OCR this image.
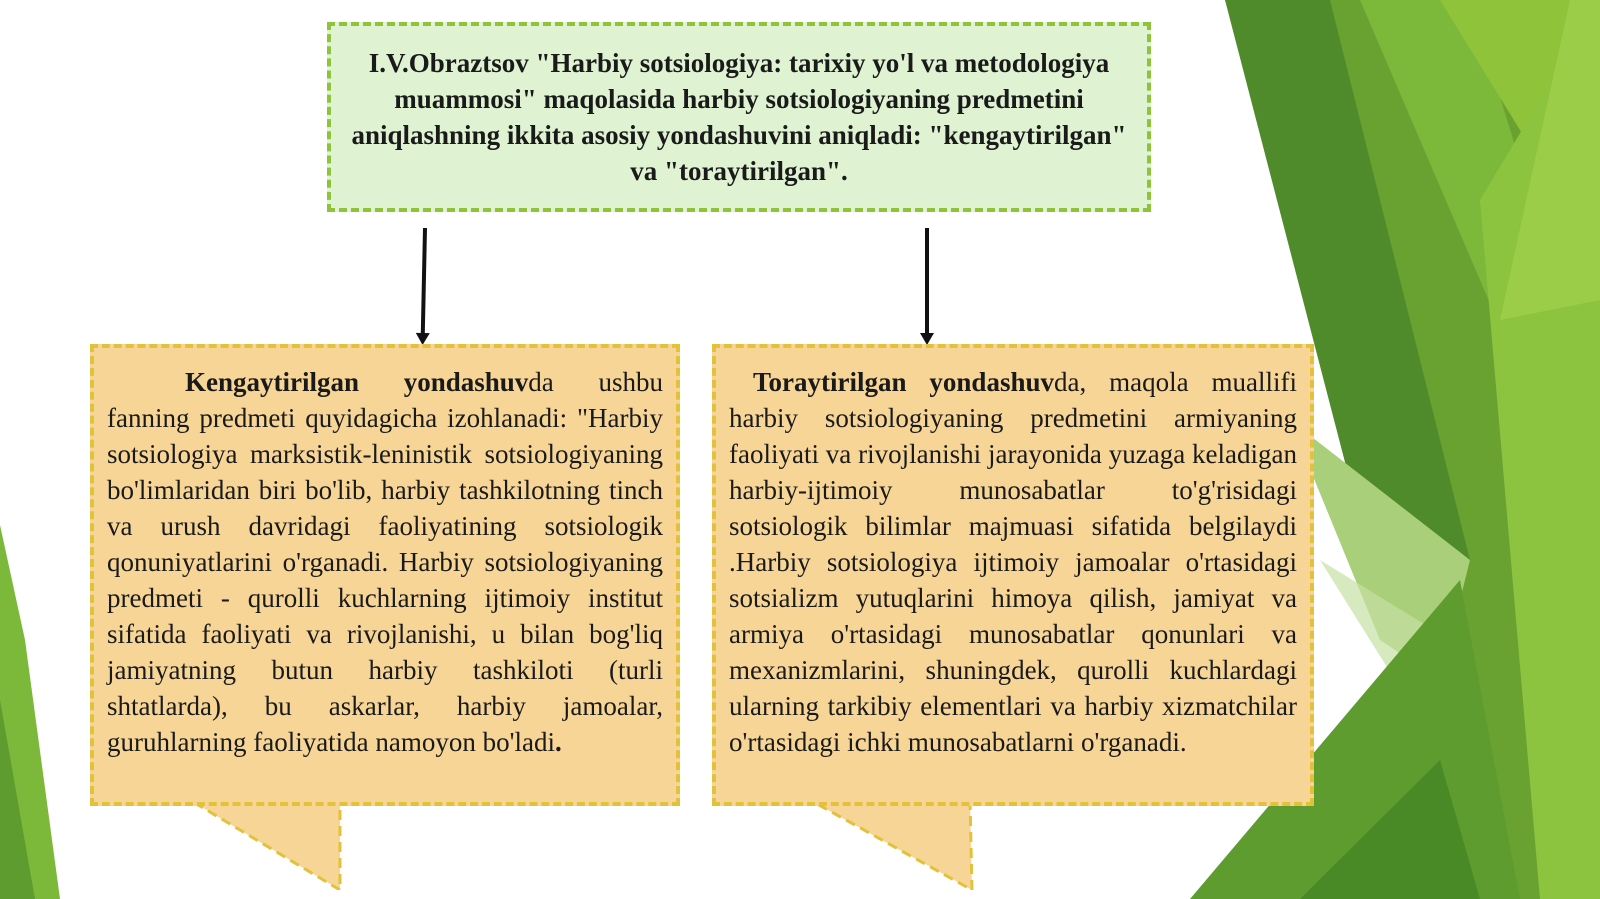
I.V.Obraztsov "Harbiy sotsiologiya: tarixiy yo'l va metodologiya muammosi" maqolasida harbiy sotsiologiyaning predmetini aniqlashning ikkita asosiy yondashuvini aniqladi: "kengaytirilgan" va "toraytirilgan".

Kengaytirilgan yondashuvda ushbu fanning predmeti quyidagicha izohlanadi: "Harbiy sotsiologiya marksistik-leninistik sotsiologiyaning bo'limlaridan biri bo'lib, harbiy tashkilotning tinch va urush davridagi faoliyatining sotsiologik qonuniyatlarini o'rganadi. Harbiy sotsiologiyaning predmeti - qurolli kuchlarning ijtimoiy institut sifatida faoliyati va rivojlanishi, u bilan bog'liq jamiyatning butun harbiy tashkiloti (turli shtatlarda), bu askarlar, harbiy jamoalar, guruhlarning faoliyatida namoyon bo'ladi.

Toraytirilgan yondashuvda, maqola muallifi harbiy sotsiologiyaning predmetini armiyaning faoliyati va rivojlanishi jarayonida yuzaga keladigan harbiy-ijtimoiy munosabatlar to'g'risidagi sotsiologik bilimlar majmuasi sifatida belgilaydi .Harbiy sotsiologiya ijtimoiy jamoalar o'rtasidagi sotsializm yutuqlarini himoya qilish, jamiyat va armiya o'rtasidagi munosabatlar qonunlari va mexanizmlarini, shuningdek, qurolli kuchlardagi ularning tarkibiy elementlari va harbiy xizmatchilar o'rtasidagi ichki munosabatlarni o'rganadi.
